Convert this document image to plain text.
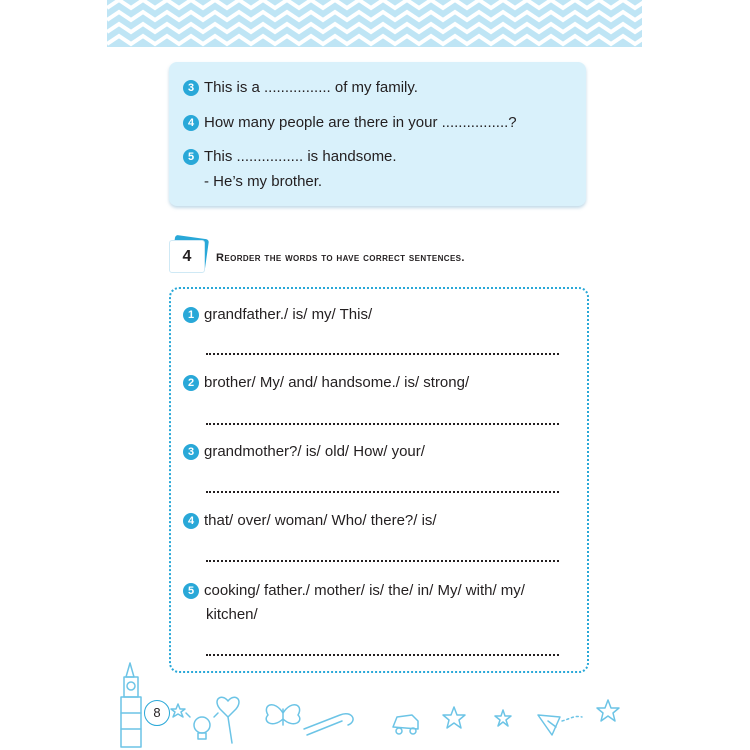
3 This is a ................ of my family.
4 How many people are there in your ................?
5 This ................ is handsome.
- He’s my brother.
4	Reorder the words to have correct sentences.
1 grandfather./ is/ my/ This/
2 brother/ My/ and/ handsome./ is/ strong/
3 grandmother?/ is/ old/ How/ your/
4 that/ over/ woman/ Who/ there?/ is/
5 cooking/ father./ mother/ is/ the/ in/ My/ with/ my/
kitchen/
8
